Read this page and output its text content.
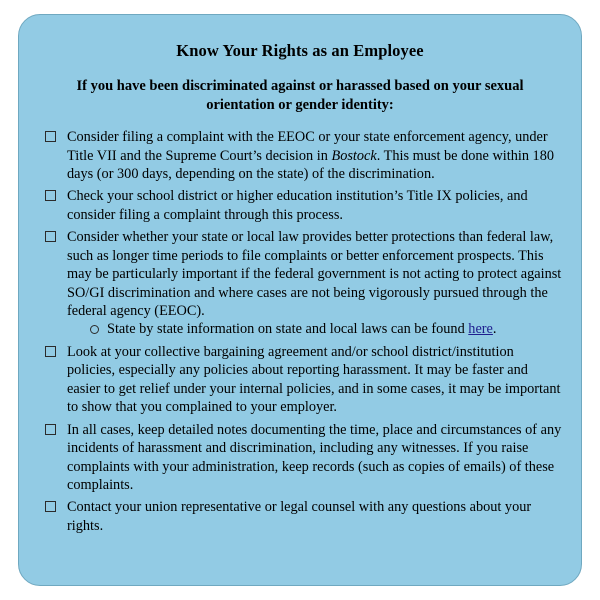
Know Your Rights as an Employee
If you have been discriminated against or harassed based on your sexual orientation or gender identity:
Consider filing a complaint with the EEOC or your state enforcement agency, under Title VII and the Supreme Court’s decision in Bostock. This must be done within 180 days (or 300 days, depending on the state) of the discrimination.
Check your school district or higher education institution’s Title IX policies, and consider filing a complaint through this process.
Consider whether your state or local law provides better protections than federal law, such as longer time periods to file complaints or better enforcement prospects. This may be particularly important if the federal government is not acting to protect against SO/GI discrimination and where cases are not being vigorously pursued through the federal agency (EEOC).
State by state information on state and local laws can be found here.
Look at your collective bargaining agreement and/or school district/institution policies, especially any policies about reporting harassment. It may be faster and easier to get relief under your internal policies, and in some cases, it may be important to show that you complained to your employer.
In all cases, keep detailed notes documenting the time, place and circumstances of any incidents of harassment and discrimination, including any witnesses. If you raise complaints with your administration, keep records (such as copies of emails) of these complaints.
Contact your union representative or legal counsel with any questions about your rights.
